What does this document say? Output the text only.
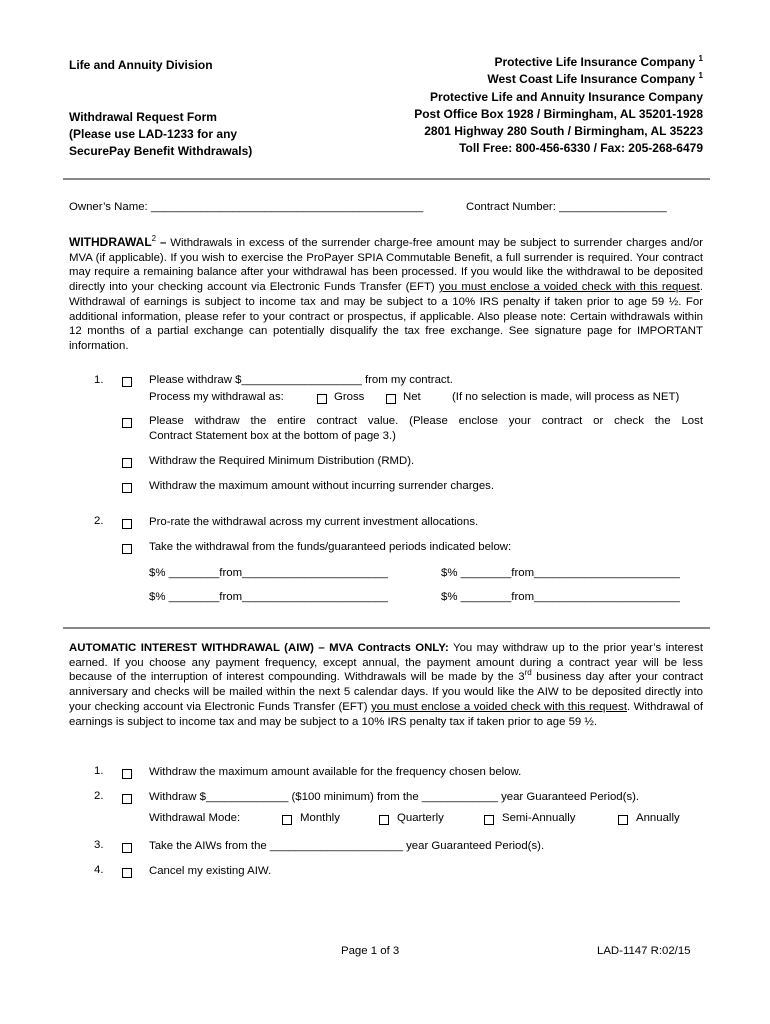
Life and Annuity Division
Withdrawal Request Form
(Please use LAD-1233 for any
SecurePay Benefit Withdrawals)
Protective Life Insurance Company $^1$
West Coast Life Insurance Company $^1$
Protective Life and Annuity Insurance Company
Post Office Box 1928 / Birmingham, AL 35201-1928
2801 Highway 280 South / Birmingham, AL 35223
Toll Free: 800-456-6330 / Fax: 205-268-6479
Owner’s Name: ___________________________________________	Contract Number: _________________
WITHDRAWAL$^2$ – Withdrawals in excess of the surrender charge-free amount may be subject to surrender charges and/or MVA (if applicable). If you wish to exercise the ProPayer SPIA Commutable Benefit, a full surrender is required. Your contract may require a remaining balance after your withdrawal has been processed. If you would like the withdrawal to be deposited directly into your checking account via Electronic Funds Transfer (EFT) you must enclose a voided check with this request. Withdrawal of earnings is subject to income tax and may be subject to a 10% IRS penalty if taken prior to age 59 ½. For additional information, please refer to your contract or prospectus, if applicable. Also please note: Certain withdrawals within 12 months of a partial exchange can potentially disqualify the tax free exchange. See signature page for IMPORTANT information.
1.	Please withdraw $___________________ from my contract.
Process my withdrawal as:	Gross	Net	(If no selection is made, will process as NET)
Please withdraw the entire contract value. (Please enclose your contract or check the Lost
Contract Statement box at the bottom of page 3.)
Withdraw the Required Minimum Distribution (RMD).
Withdraw the maximum amount without incurring surrender charges.
2.	Pro-rate the withdrawal across my current investment allocations.
Take the withdrawal from the funds/guaranteed periods indicated below:
$% ________from_______________________	$% ________from_______________________
$% ________from_______________________	$% ________from_______________________
AUTOMATIC INTEREST WITHDRAWAL (AIW) – MVA Contracts ONLY: You may withdraw up to the prior year’s interest earned. If you choose any payment frequency, except annual, the payment amount during a contract year will be less because of the interruption of interest compounding. Withdrawals will be made by the 3rd business day after your contract anniversary and checks will be mailed within the next 5 calendar days. If you would like the AIW to be deposited directly into your checking account via Electronic Funds Transfer (EFT) you must enclose a voided check with this request. Withdrawal of earnings is subject to income tax and may be subject to a 10% IRS penalty tax if taken prior to age 59 ½.
1.	Withdraw the maximum amount available for the frequency chosen below.
2.	Withdraw $_____________ ($100 minimum) from the ____________ year Guaranteed Period(s).
Withdrawal Mode:	Monthly	Quarterly	Semi-Annually	Annually
3.	Take the AIWs from the _____________________ year Guaranteed Period(s).
4.	Cancel my existing AIW.
Page 1 of 3	LAD-1147 R:02/15
